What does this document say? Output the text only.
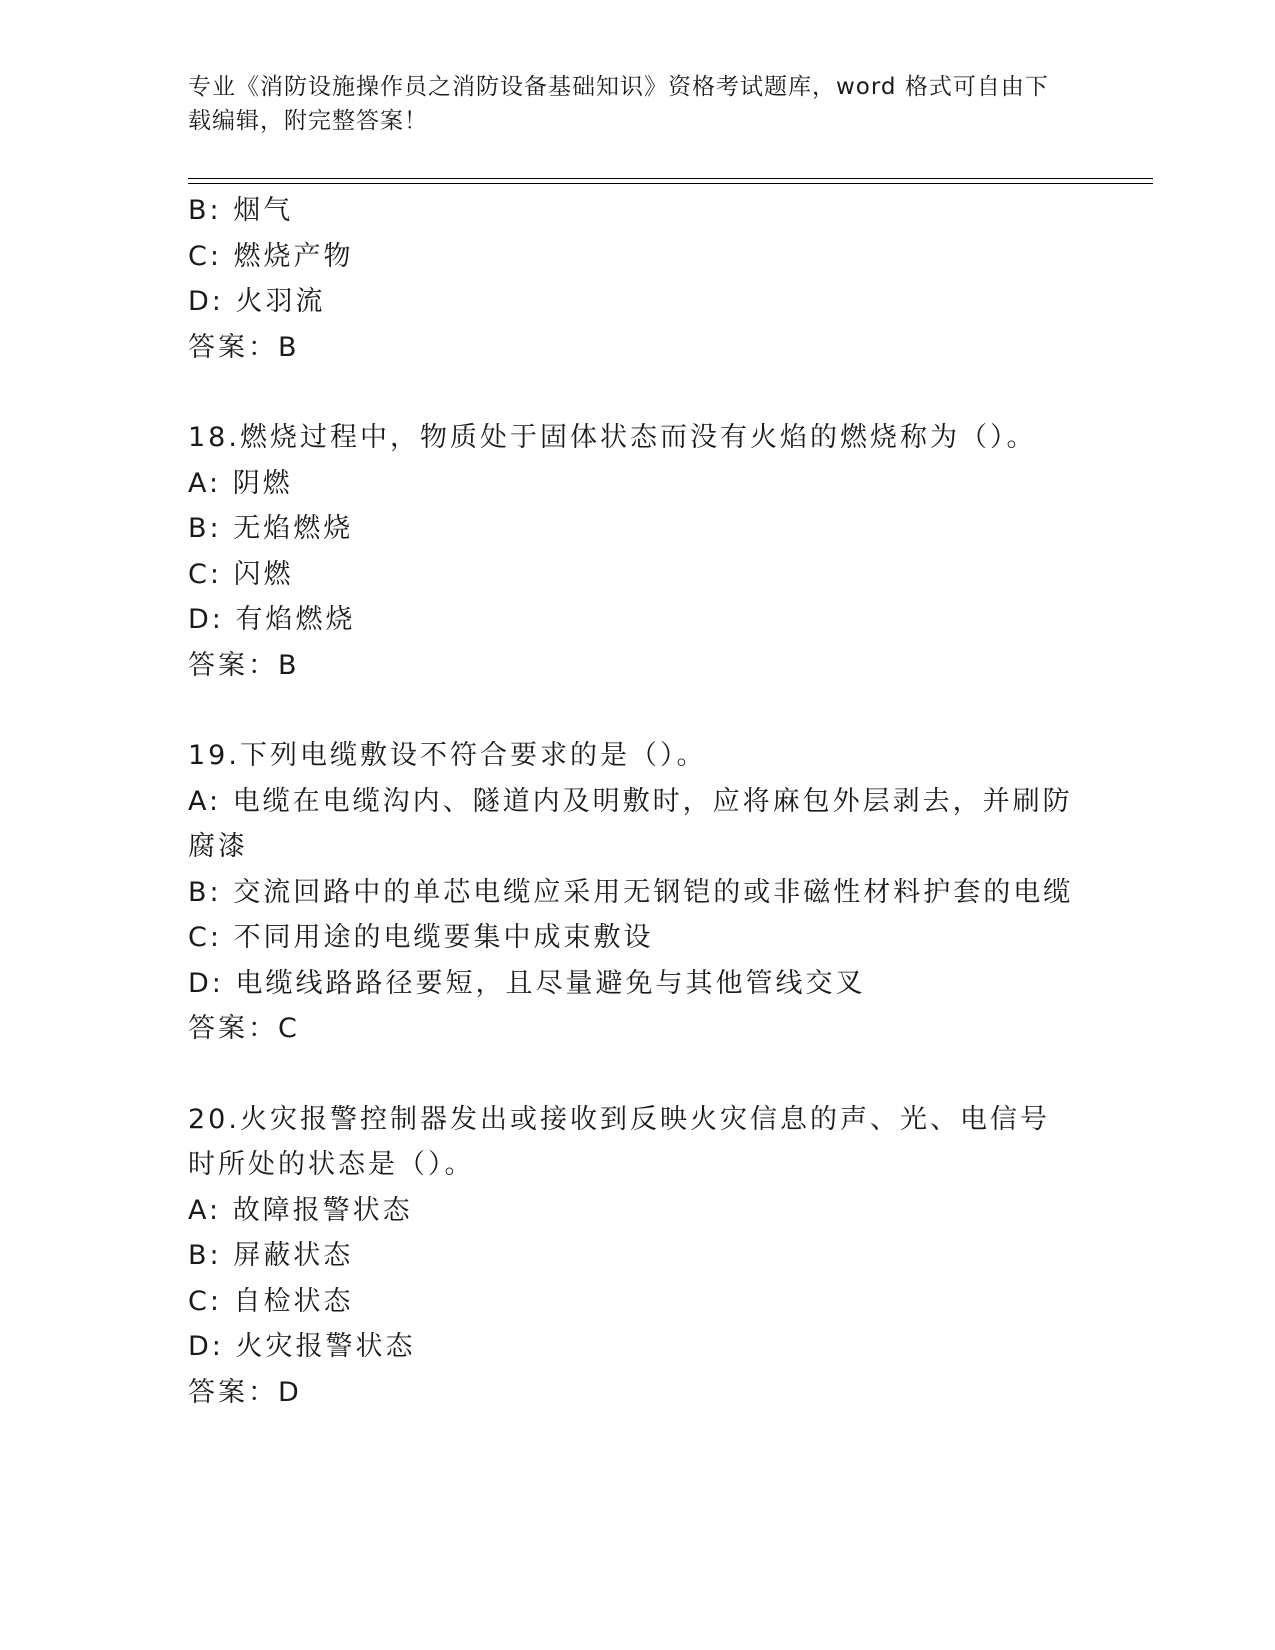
专业《消防设施操作员之消防设备基础知识》资格考试题库，word 格式可自由下
载编辑，附完整答案！
B: 烟气
C: 燃烧产物
D: 火羽流
答案：B
18.燃烧过程中，物质处于固体状态而没有火焰的燃烧称为（）。
A: 阴燃
B: 无焰燃烧
C: 闪燃
D: 有焰燃烧
答案：B
19.下列电缆敷设不符合要求的是（）。
A: 电缆在电缆沟内、隧道内及明敷时，应将麻包外层剥去，并刷防腐漆
B: 交流回路中的单芯电缆应采用无钢铠的或非磁性材料护套的电缆
C: 不同用途的电缆要集中成束敷设
D: 电缆线路路径要短，且尽量避免与其他管线交叉
答案：C
20.火灾报警控制器发出或接收到反映火灾信息的声、光、电信号时所处的状态是（）。
A: 故障报警状态
B: 屏蔽状态
C: 自检状态
D: 火灾报警状态
答案：D
